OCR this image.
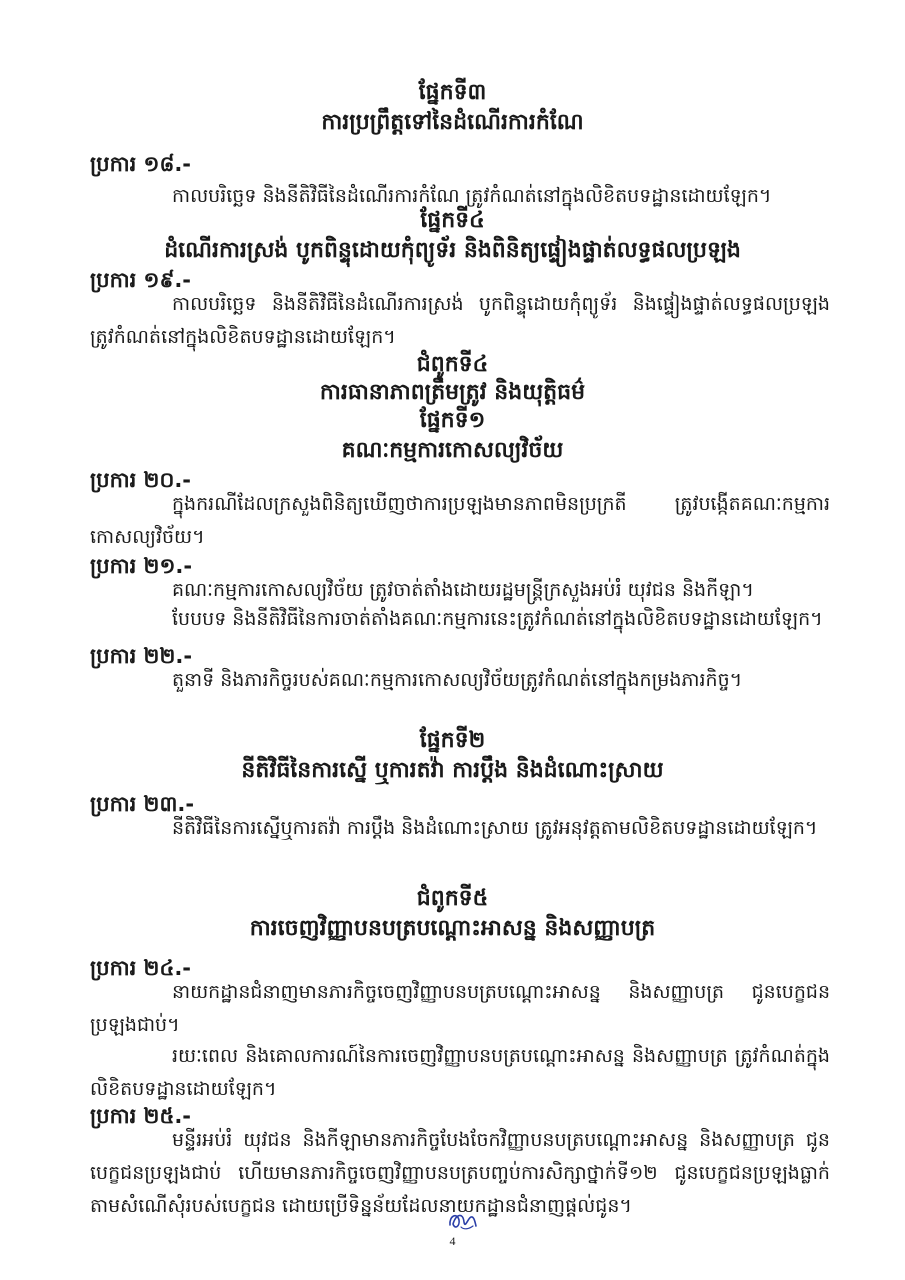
ផ្នែកទី៣
ការប្រព្រឹត្តទៅនៃដំណើរការកំណែ
ប្រការ ១៨.-
កាលបរិច្ឆេទ និងនីតិវិធីនៃដំណើរការកំណែ ត្រូវកំណត់នៅក្នុងលិខិតបទដ្ឋានដោយឡែក។
ផ្នែកទី៤
ដំណើរការស្រង់ បូកពិន្ទុដោយកុំព្យូទ័រ និងពិនិត្យផ្ទៀងផ្ទាត់លទ្ធផលប្រឡង
ប្រការ ១៩.-
កាលបរិច្ឆេទ និងនីតិវិធីនៃដំណើរការស្រង់ បូកពិន្ទុដោយកុំព្យូទ័រ និងផ្ទៀងផ្ទាត់លទ្ធផលប្រឡង ត្រូវកំណត់នៅក្នុងលិខិតបទដ្ឋានដោយឡែក។
ជំពូកទី៤
ការធានាភាពត្រឹមត្រូវ និងយុត្តិធម៌
ផ្នែកទី១
គណៈកម្មការកោសល្យវិច័យ
ប្រការ ២០.-
ក្នុងករណីដែលក្រសួងពិនិត្យឃើញថាការប្រឡងមានភាពមិនប្រក្រតី ត្រូវបង្កើតគណៈកម្មការកោសល្យវិច័យ។
ប្រការ ២១.-
គណៈកម្មការកោសល្យវិច័យ ត្រូវចាត់តាំងដោយរដ្ឋមន្ត្រីក្រសួងអប់រំ យុវជន និងកីឡា។
បែបបទ និងនីតិវិធីនៃការចាត់តាំងគណៈកម្មការនេះត្រូវកំណត់នៅក្នុងលិខិតបទដ្ឋានដោយឡែក។
ប្រការ ២២.-
តួនាទី និងភារកិច្ចរបស់គណៈកម្មការកោសល្យវិច័យត្រូវកំណត់នៅក្នុងកម្រងភារកិច្ច។
ផ្នែកទី២
នីតិវិធីនៃការស្នើ ឬការតវ៉ា ការប្ដឹង និងដំណោះស្រាយ
ប្រការ ២៣.-
នីតិវិធីនៃការស្នើឬការតវ៉ា ការប្ដឹង និងដំណោះស្រាយ ត្រូវអនុវត្តតាមលិខិតបទដ្ឋានដោយឡែក។
ជំពូកទី៥
ការចេញវិញ្ញាបនបត្របណ្ដោះអាសន្ន និងសញ្ញាបត្រ
ប្រការ ២៤.-
នាយកដ្ឋានជំនាញមានភារកិច្ចចេញវិញ្ញាបនបត្របណ្ដោះអាសន្ន និងសញ្ញាបត្រ ជូនបេក្ខជនប្រឡងជាប់។
រយៈពេល និងគោលការណ៍នៃការចេញវិញ្ញាបនបត្របណ្ដោះអាសន្ន និងសញ្ញាបត្រ ត្រូវកំណត់ក្នុងលិខិតបទដ្ឋានដោយឡែក។
ប្រការ ២៥.-
មន្ទីរអប់រំ យុវជន និងកីឡាមានភារកិច្ចបែងចែកវិញ្ញាបនបត្របណ្ដោះអាសន្ន និងសញ្ញាបត្រ ជូនបេក្ខជនប្រឡងជាប់ ហើយមានភារកិច្ចចេញវិញ្ញាបនបត្របញ្ចប់ការសិក្សាថ្នាក់ទី១២ ជូនបេក្ខជនប្រឡងធ្លាក់ តាមសំណើសុំរបស់បេក្ខជន ដោយប្រើទិន្នន័យដែលនាយកដ្ឋានជំនាញផ្ដល់ជូន។
4
